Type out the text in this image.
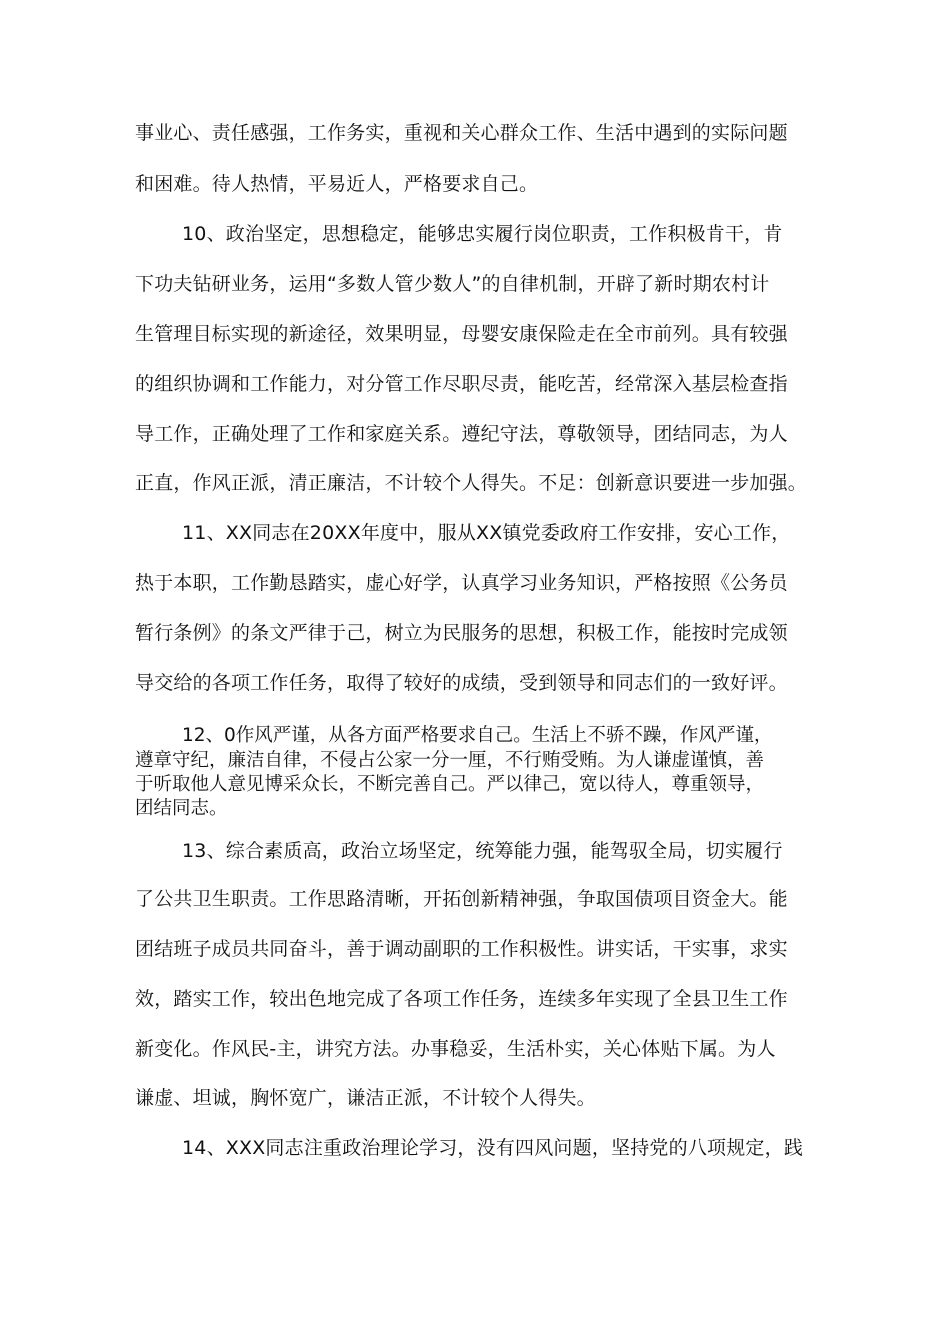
事业心、责任感强，工作务实，重视和关心群众工作、生活中遇到的实际问题
和困难。待人热情，平易近人，严格要求自己。
10、政治坚定，思想稳定，能够忠实履行岗位职责，工作积极肯干，肯
下功夫钻研业务，运用“多数人管少数人”的自律机制，开辟了新时期农村计
生管理目标实现的新途径，效果明显，母婴安康保险走在全市前列。具有较强
的组织协调和工作能力，对分管工作尽职尽责，能吃苦，经常深入基层检查指
导工作，正确处理了工作和家庭关系。遵纪守法，尊敬领导，团结同志，为人
正直，作风正派，清正廉洁，不计较个人得失。不足：创新意识要进一步加强。
11、XX同志在20XX年度中，服从XX镇党委政府工作安排，安心工作，
热于本职，工作勤恳踏实，虚心好学，认真学习业务知识，严格按照《公务员
暂行条例》的条文严律于己，树立为民服务的思想，积极工作，能按时完成领
导交给的各项工作任务，取得了较好的成绩，受到领导和同志们的一致好评。
12、0作风严谨，从各方面严格要求自己。生活上不骄不躁，作风严谨，
遵章守纪，廉洁自律，不侵占公家一分一厘，不行贿受贿。为人谦虚谨慎，善
于听取他人意见博采众长，不断完善自己。严以律己，宽以待人，尊重领导，
团结同志。
13、综合素质高，政治立场坚定，统筹能力强，能驾驭全局，切实履行
了公共卫生职责。工作思路清晰，开拓创新精神强，争取国债项目资金大。能
团结班子成员共同奋斗，善于调动副职的工作积极性。讲实话，干实事，求实
效，踏实工作，较出色地完成了各项工作任务，连续多年实现了全县卫生工作
新变化。作风民-主，讲究方法。办事稳妥，生活朴实，关心体贴下属。为人
谦虚、坦诚，胸怀宽广，谦洁正派，不计较个人得失。
14、XXX同志注重政治理论学习，没有四风问题，坚持党的八项规定，践
